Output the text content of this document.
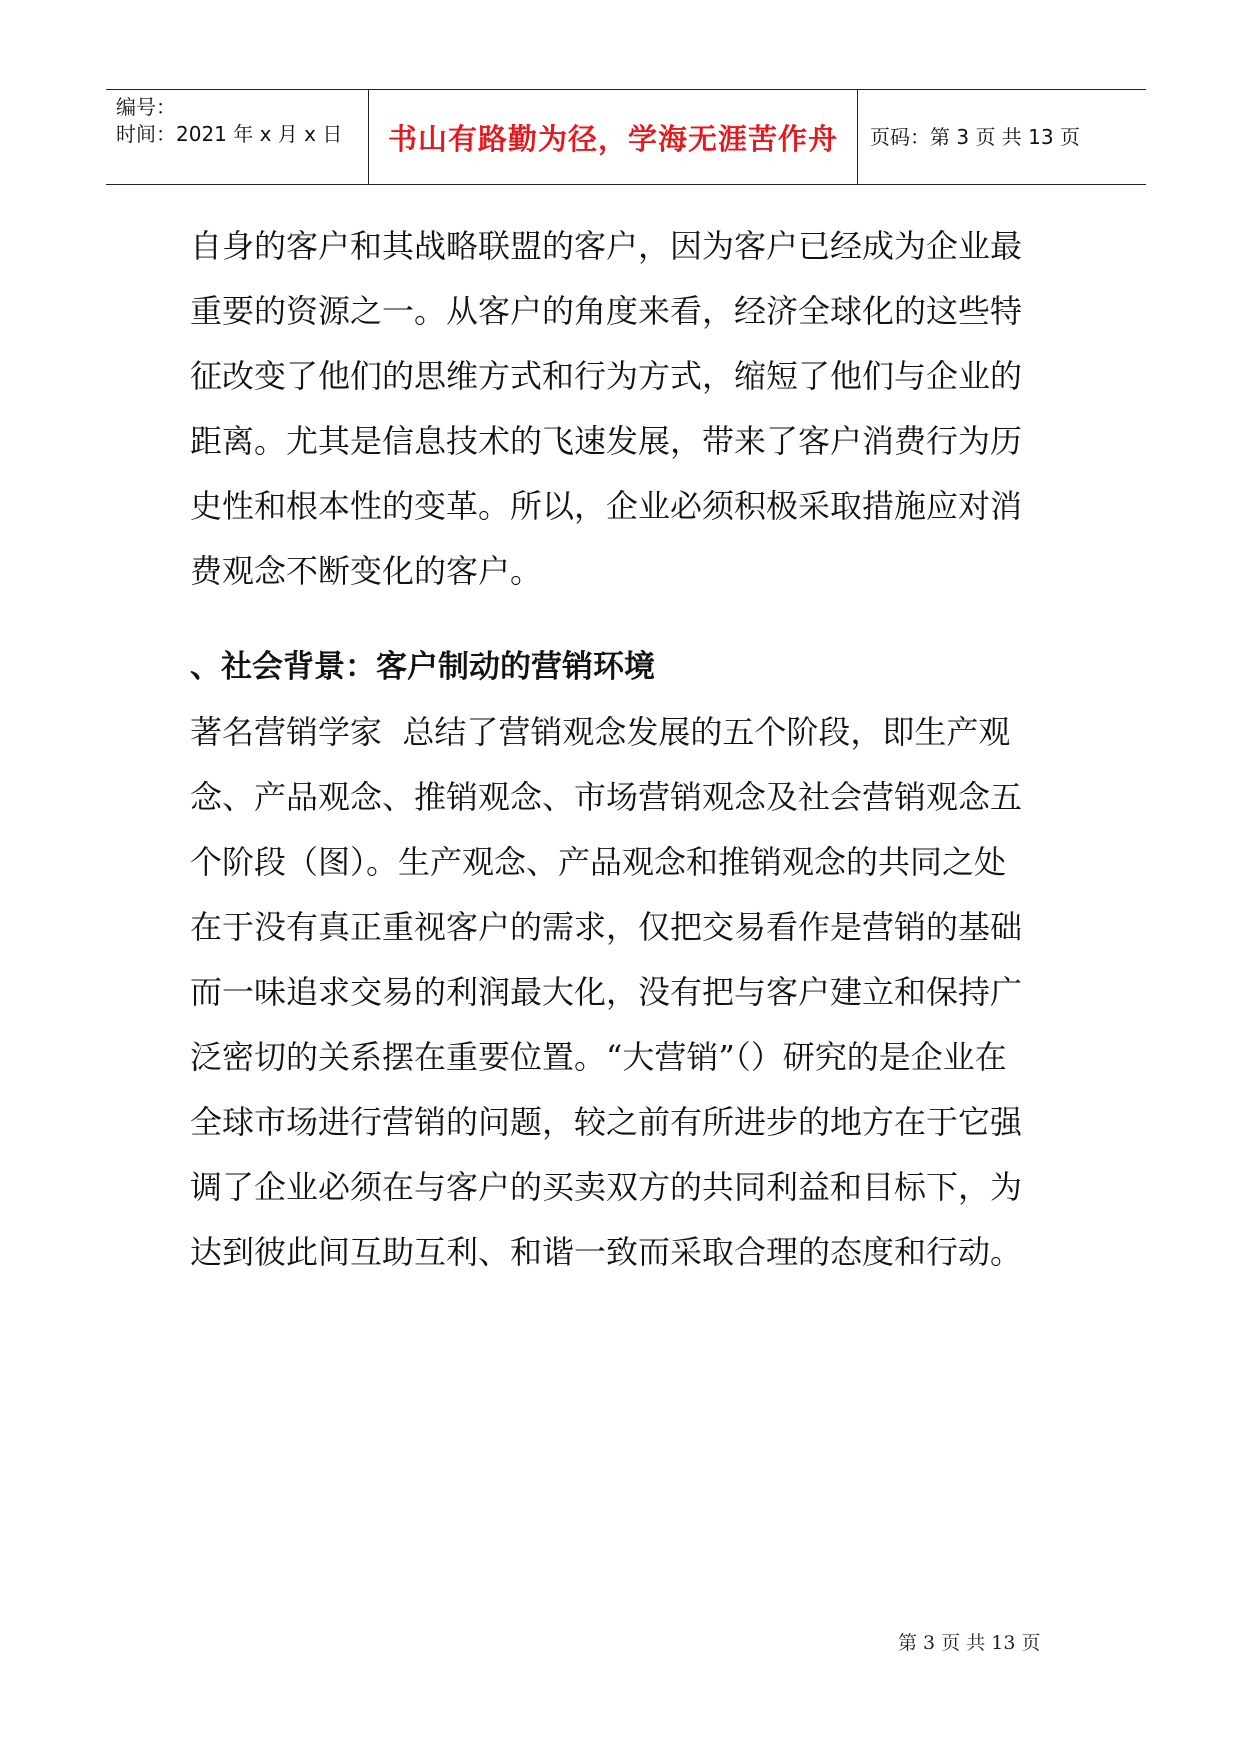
编号：
时间：2021 年 x 月 x 日 书山有路勤为径，学海无涯苦作舟	页码：第 3 页 共 13 页

自身的客户和其战略联盟的客户，因为客户已经成为企业最

重要的资源之一。从客户的角度来看，经济全球化的这些特

征改变了他们的思维方式和行为方式，缩短了他们与企业的

距离。尤其是信息技术的飞速发展，带来了客户消费行为历

史性和根本性的变革。所以，企业必须积极采取措施应对消

费观念不断变化的客户。

、社会背景：客户制动的营销环境

著名营销学家  总结了营销观念发展的五个阶段，即生产观

念、产品观念、推销观念、市场营销观念及社会营销观念五

个阶段（图）。生产观念、产品观念和推销观念的共同之处

在于没有真正重视客户的需求，仅把交易看作是营销的基础

而一味追求交易的利润最大化，没有把与客户建立和保持广

泛密切的关系摆在重要位置。“大营销”（）研究的是企业在

全球市场进行营销的问题，较之前有所进步的地方在于它强

调了企业必须在与客户的买卖双方的共同利益和目标下，为

达到彼此间互助互利、和谐一致而采取合理的态度和行动。

第 3 页 共 13 页
